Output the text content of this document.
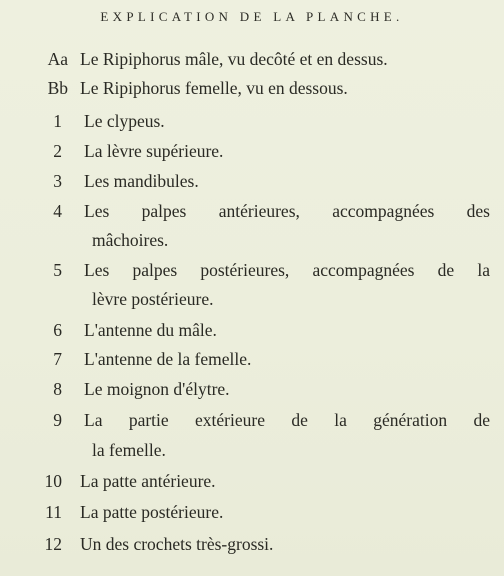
EXPLICATION DE LA PLANCHE.
Aa Le Ripiphorus mâle, vu decôté et en dessus.
Bb Le Ripiphorus femelle, vu en dessous.
1 Le clypeus.
2 La lèvre supérieure.
3 Les mandibules.
4 Les palpes antérieures, accompagnées des
mâchoires.
5 Les palpes postérieures, accompagnées de la
lèvre postérieure.
6 L'antenne du mâle.
7 L'antenne de la femelle.
8 Le moignon d'élytre.
9 La partie extérieure de la génération de
la femelle.
10 La patte antérieure.
11 La patte postérieure.
12 Un des crochets très-grossi.
